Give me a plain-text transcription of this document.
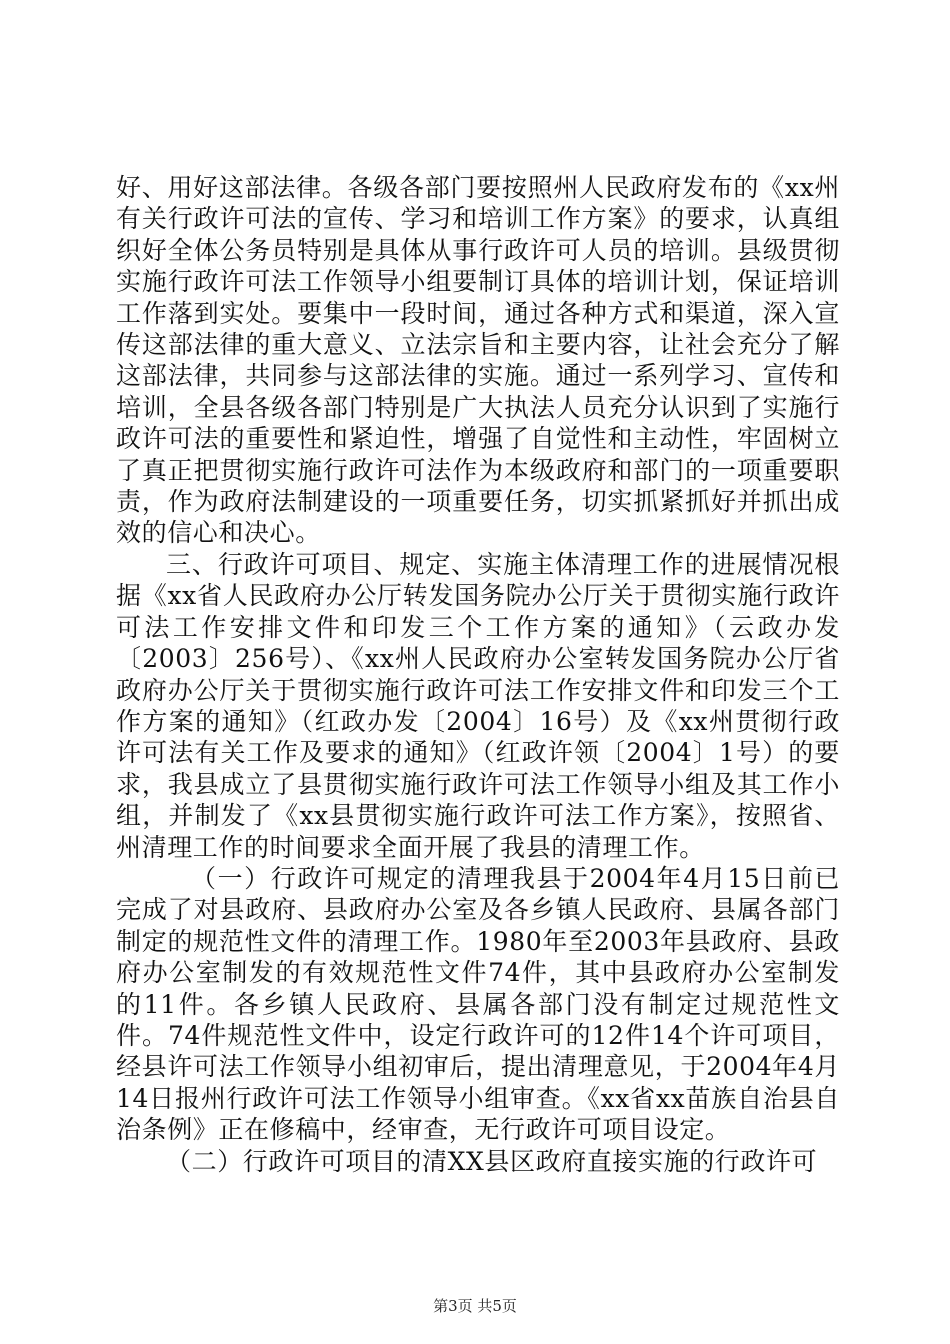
好、用好这部法律。各级各部门要按照州人民政府发布的《xx州有关行政许可法的宣传、学习和培训工作方案》的要求，认真组织好全体公务员特别是具体从事行政许可人员的培训。县级贯彻实施行政许可法工作领导小组要制订具体的培训计划，保证培训工作落到实处。要集中一段时间，通过各种方式和渠道，深入宣传这部法律的重大意义、立法宗旨和主要内容，让社会充分了解这部法律，共同参与这部法律的实施。通过一系列学习、宣传和培训，全县各级各部门特别是广大执法人员充分认识到了实施行政许可法的重要性和紧迫性，增强了自觉性和主动性，牢固树立了真正把贯彻实施行政许可法作为本级政府和部门的一项重要职责，作为政府法制建设的一项重要任务，切实抓紧抓好并抓出成效的信心和决心。

三、行政许可项目、规定、实施主体清理工作的进展情况根据《xx省人民政府办公厅转发国务院办公厅关于贯彻实施行政许可法工作安排文件和印发三个工作方案的通知》（云政办发〔2003〕256号）、《xx州人民政府办公室转发国务院办公厅省政府办公厅关于贯彻实施行政许可法工作安排文件和印发三个工作方案的通知》（红政办发〔2004〕16号）及《xx州贯彻行政许可法有关工作及要求的通知》（红政许领〔2004〕1号）的要求，我县成立了县贯彻实施行政许可法工作领导小组及其工作小组，并制发了《xx县贯彻实施行政许可法工作方案》，按照省、州清理工作的时间要求全面开展了我县的清理工作。

（一）行政许可规定的清理我县于2004年4月15日前已完成了对县政府、县政府办公室及各乡镇人民政府、县属各部门制定的规范性文件的清理工作。1980年至2003年县政府、县政府办公室制发的有效规范性文件74件，其中县政府办公室制发的11件。各乡镇人民政府、县属各部门没有制定过规范性文件。74件规范性文件中，设定行政许可的12件14个许可项目，经县许可法工作领导小组初审后，提出清理意见，于2004年4月14日报州行政许可法工作领导小组审查。《xx省xx苗族自治县自治条例》正在修稿中，经审查，无行政许可项目设定。

（二）行政许可项目的清XX县区政府直接实施的行政许可

第3页 共5页
